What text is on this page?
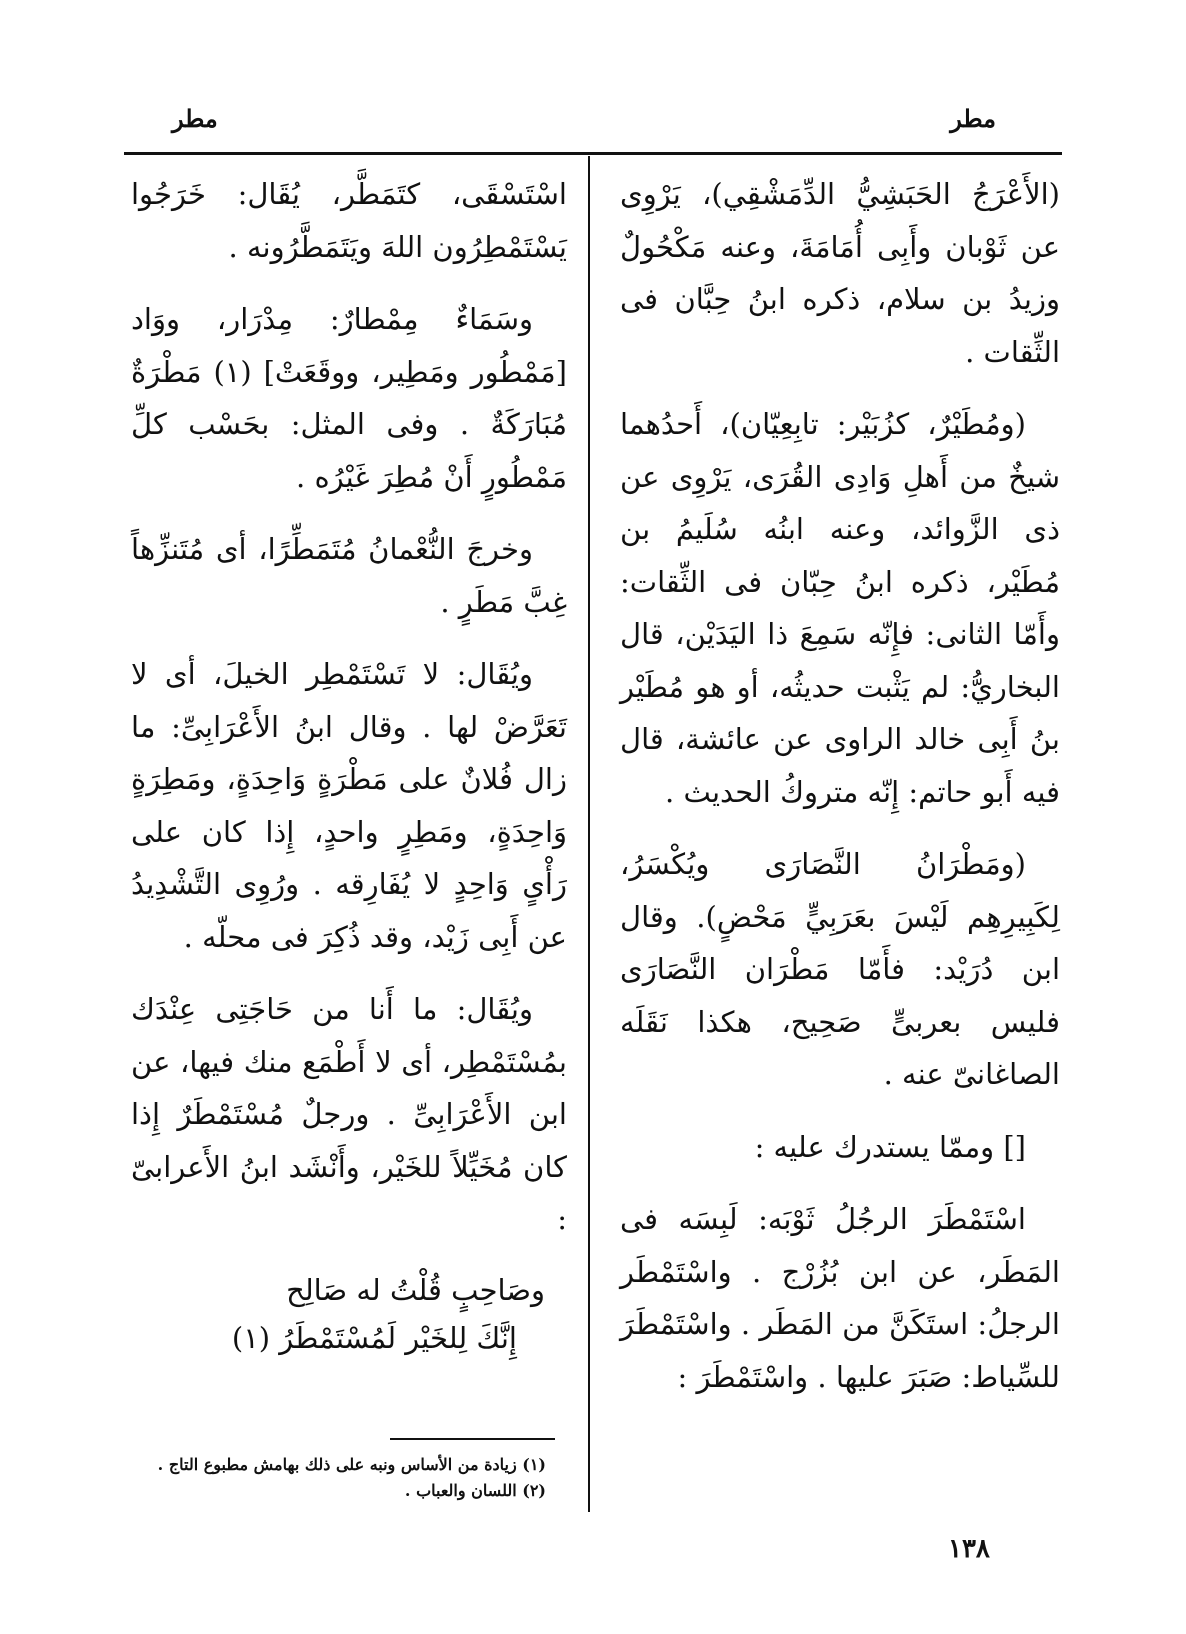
مطر
مطر

(الأَعْرَجُ الحَبَشِيُّ الدِّمَشْقِي)، يَرْوِى عن ثَوْبان وأَبِى أُمَامَةَ، وعنه مَكْحُولٌ وزيدُ بن سلام، ذكره ابنُ حِبَّان فى الثِّقات .

(ومُطَيْرٌ، كزُبَيْر: تابِعِيّان)، أَحدُهما شيخٌ من أَهلِ وَادِى القُرَى، يَرْوِى عن ذى الزَّوائد، وعنه ابنُه سُلَيمُ بن مُطَيْر، ذكره ابنُ حِبّان فى الثِّقات: وأَمّا الثانى: فإِنّه سَمِعَ ذا اليَدَيْن، قال البخاريُّ: لم يَثْبت حديثُه، أو هو مُطَيْر بنُ أَبِى خالد الراوى عن عائشة، قال فيه أَبو حاتم: إِنّه متروكُ الحديث .

(ومَطْرَانُ النَّصَارَى ويُكْسَرُ، لِكَبِيرِهِم لَيْسَ بعَرَبِيٍّ مَحْضٍ). وقال ابن دُرَيْد: فأَمّا مَطْرَان النَّصَارَى فليس بعربىٍّ صَحِيح، هكذا نَقَلَه الصاغانىّ عنه .

[] وممّا يستدرك عليه :

اسْتَمْطَرَ الرجُلُ ثَوْبَه: لَبِسَه فى المَطَر، عن ابن بُزُرْج . واسْتَمْطَر الرجلُ: استَكَنَّ من المَطَر . واسْتَمْطَرَ للسِّياط: صَبَرَ عليها . واسْتَمْطَرَ :

اسْتَسْقَى، كتَمَطَّر، يُقَال: خَرَجُوا يَسْتَمْطِرُون اللهَ ويَتَمَطَّرُونه .

وسَمَاءٌ مِمْطارٌ: مِدْرَار، ووَاد [مَمْطُور ومَطِير، ووقَعَتْ] (١) مَطْرَةٌ مُبَارَكَةٌ . وفى المثل: بحَسْب كلِّ مَمْطُورٍ أَنْ مُطِرَ غَيْرُه .

وخرجَ النُّعْمانُ مُتَمَطِّرًا، أى مُتَنزِّهاً غِبَّ مَطَرٍ .

ويُقَال: لا تَسْتَمْطِر الخيلَ، أى لا تَعَرَّضْ لها . وقال ابنُ الأَعْرَابِىِّ: ما زال فُلانٌ على مَطْرَةٍ وَاحِدَةٍ، ومَطِرَةٍ وَاحِدَةٍ، ومَطِرٍ واحدٍ، إِذا كان على رَأْىٍ وَاحِدٍ لا يُفَارِقه . ورُوِى التَّشْدِيدُ عن أَبِى زَيْد، وقد ذُكِرَ فى محلّه .

ويُقَال: ما أَنا من حَاجَتِى عِنْدَك بمُسْتَمْطِر، أى لا أَطْمَع منك فيها، عن ابن الأَعْرَابِىِّ . ورجلٌ مُسْتَمْطَرٌ إِذا كان مُخَيِّلاً للخَيْر، وأَنْشَد ابنُ الأَعرابىّ :

وصَاحِبٍ قُلْتُ له صَالِح
إِنَّكَ لِلخَيْر لَمُسْتَمْطَرُ (١)
(١) زيادة من الأساس ونبه على ذلك بهامش مطبوع التاج .
(٢) اللسان والعباب .
١٣٨
